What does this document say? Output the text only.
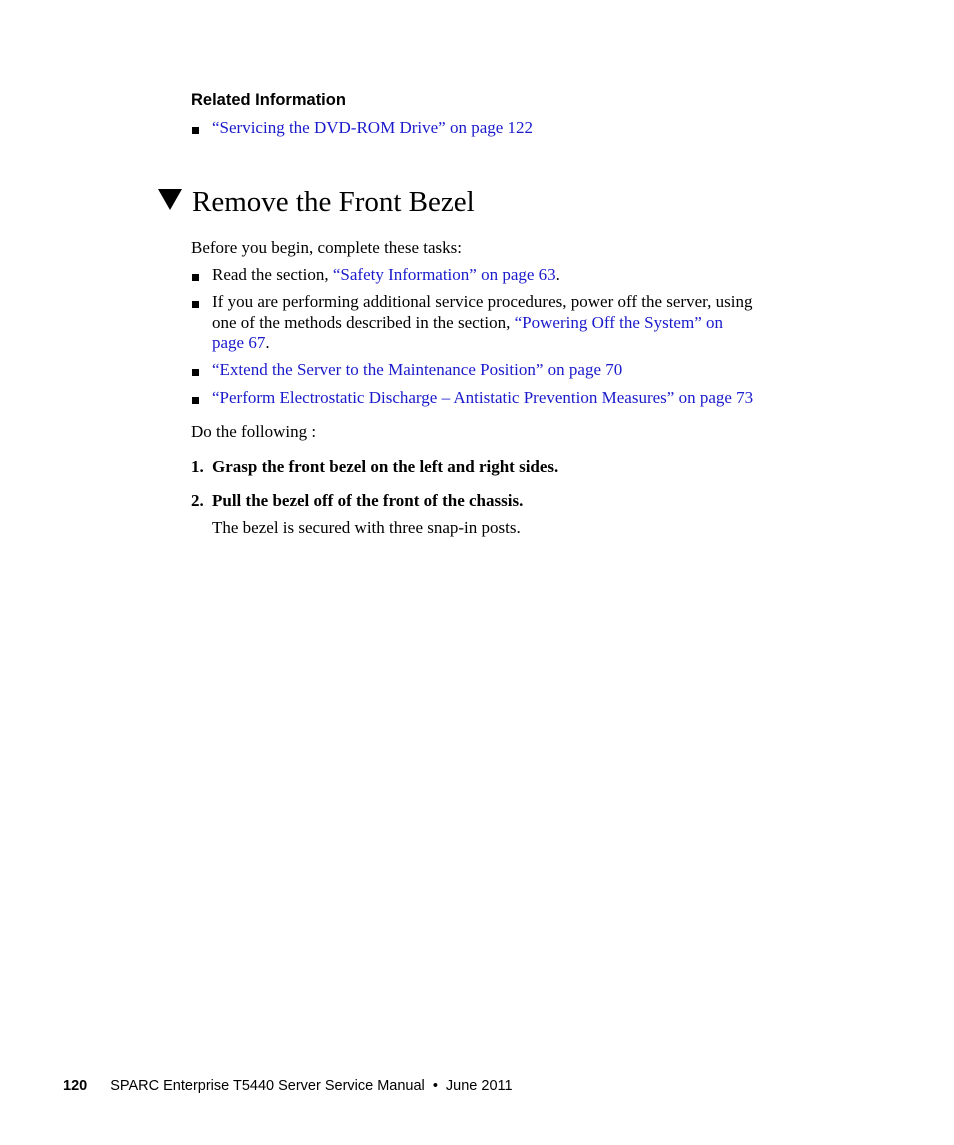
Related Information
“Servicing the DVD-ROM Drive” on page 122
Remove the Front Bezel
Before you begin, complete these tasks:
Read the section, “Safety Information” on page 63.
If you are performing additional service procedures, power off the server, using
one of the methods described in the section, “Powering Off the System” on
page 67.
“Extend the Server to the Maintenance Position” on page 70
“Perform Electrostatic Discharge – Antistatic Prevention Measures” on page 73
Do the following :
1. Grasp the front bezel on the left and right sides.
2. Pull the bezel off of the front of the chassis.
The bezel is secured with three snap-in posts.
120 SPARC Enterprise T5440 Server Service Manual • June 2011
